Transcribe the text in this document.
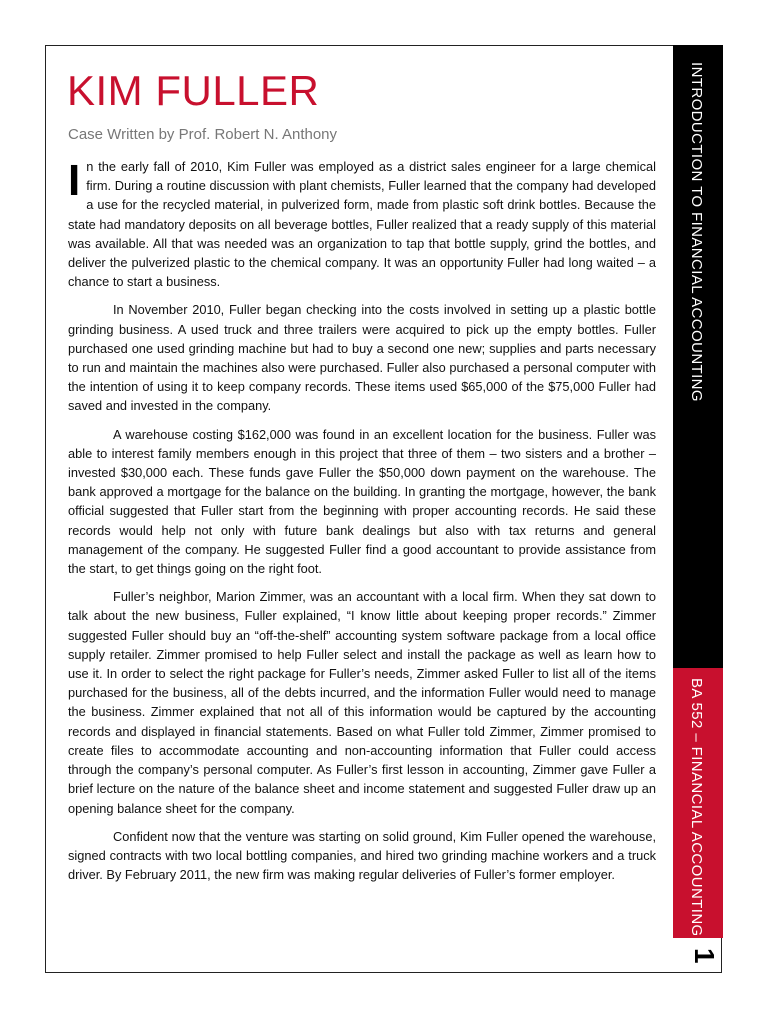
INTRODUCTION TO FINANCIAL ACCOUNTING
BA 552 – FINANCIAL ACCOUNTING
1
KIM FULLER

Case Written by Prof. Robert N. Anthony

In the early fall of 2010, Kim Fuller was employed as a district sales engineer for a large chemical firm. During a routine discussion with plant chemists, Fuller learned that the company had developed a use for the recycled material, in pulverized form, made from plastic soft drink bottles. Because the state had mandatory deposits on all beverage bottles, Fuller realized that a ready supply of this material was available. All that was needed was an organization to tap that bottle supply, grind the bottles, and deliver the pulverized plastic to the chemical company. It was an opportunity Fuller had long waited – a chance to start a business.

In November 2010, Fuller began checking into the costs involved in setting up a plastic bottle grinding business. A used truck and three trailers were acquired to pick up the empty bottles. Fuller purchased one used grinding machine but had to buy a second one new; supplies and parts necessary to run and maintain the machines also were purchased. Fuller also purchased a personal computer with the intention of using it to keep company records. These items used $65,000 of the $75,000 Fuller had saved and invested in the company.

A warehouse costing $162,000 was found in an excellent location for the business. Fuller was able to interest family members enough in this project that three of them – two sisters and a brother – invested $30,000 each. These funds gave Fuller the $50,000 down payment on the warehouse. The bank approved a mortgage for the balance on the building. In granting the mortgage, however, the bank official suggested that Fuller start from the beginning with proper accounting records. He said these records would help not only with future bank dealings but also with tax returns and general management of the company. He suggested Fuller find a good accountant to provide assistance from the start, to get things going on the right foot.

Fuller’s neighbor, Marion Zimmer, was an accountant with a local firm. When they sat down to talk about the new business, Fuller explained, “I know little about keeping proper records.” Zimmer suggested Fuller should buy an “off-the-shelf” accounting system software package from a local office supply retailer. Zimmer promised to help Fuller select and install the package as well as learn how to use it. In order to select the right package for Fuller’s needs, Zimmer asked Fuller to list all of the items purchased for the business, all of the debts incurred, and the information Fuller would need to manage the business. Zimmer explained that not all of this information would be captured by the accounting records and displayed in financial statements. Based on what Fuller told Zimmer, Zimmer promised to create files to accommodate accounting and non-accounting information that Fuller could access through the company’s personal computer. As Fuller’s first lesson in accounting, Zimmer gave Fuller a brief lecture on the nature of the balance sheet and income statement and suggested Fuller draw up an opening balance sheet for the company.

Confident now that the venture was starting on solid ground, Kim Fuller opened the warehouse, signed contracts with two local bottling companies, and hired two grinding machine workers and a truck driver. By February 2011, the new firm was making regular deliveries of Fuller’s former employer.
